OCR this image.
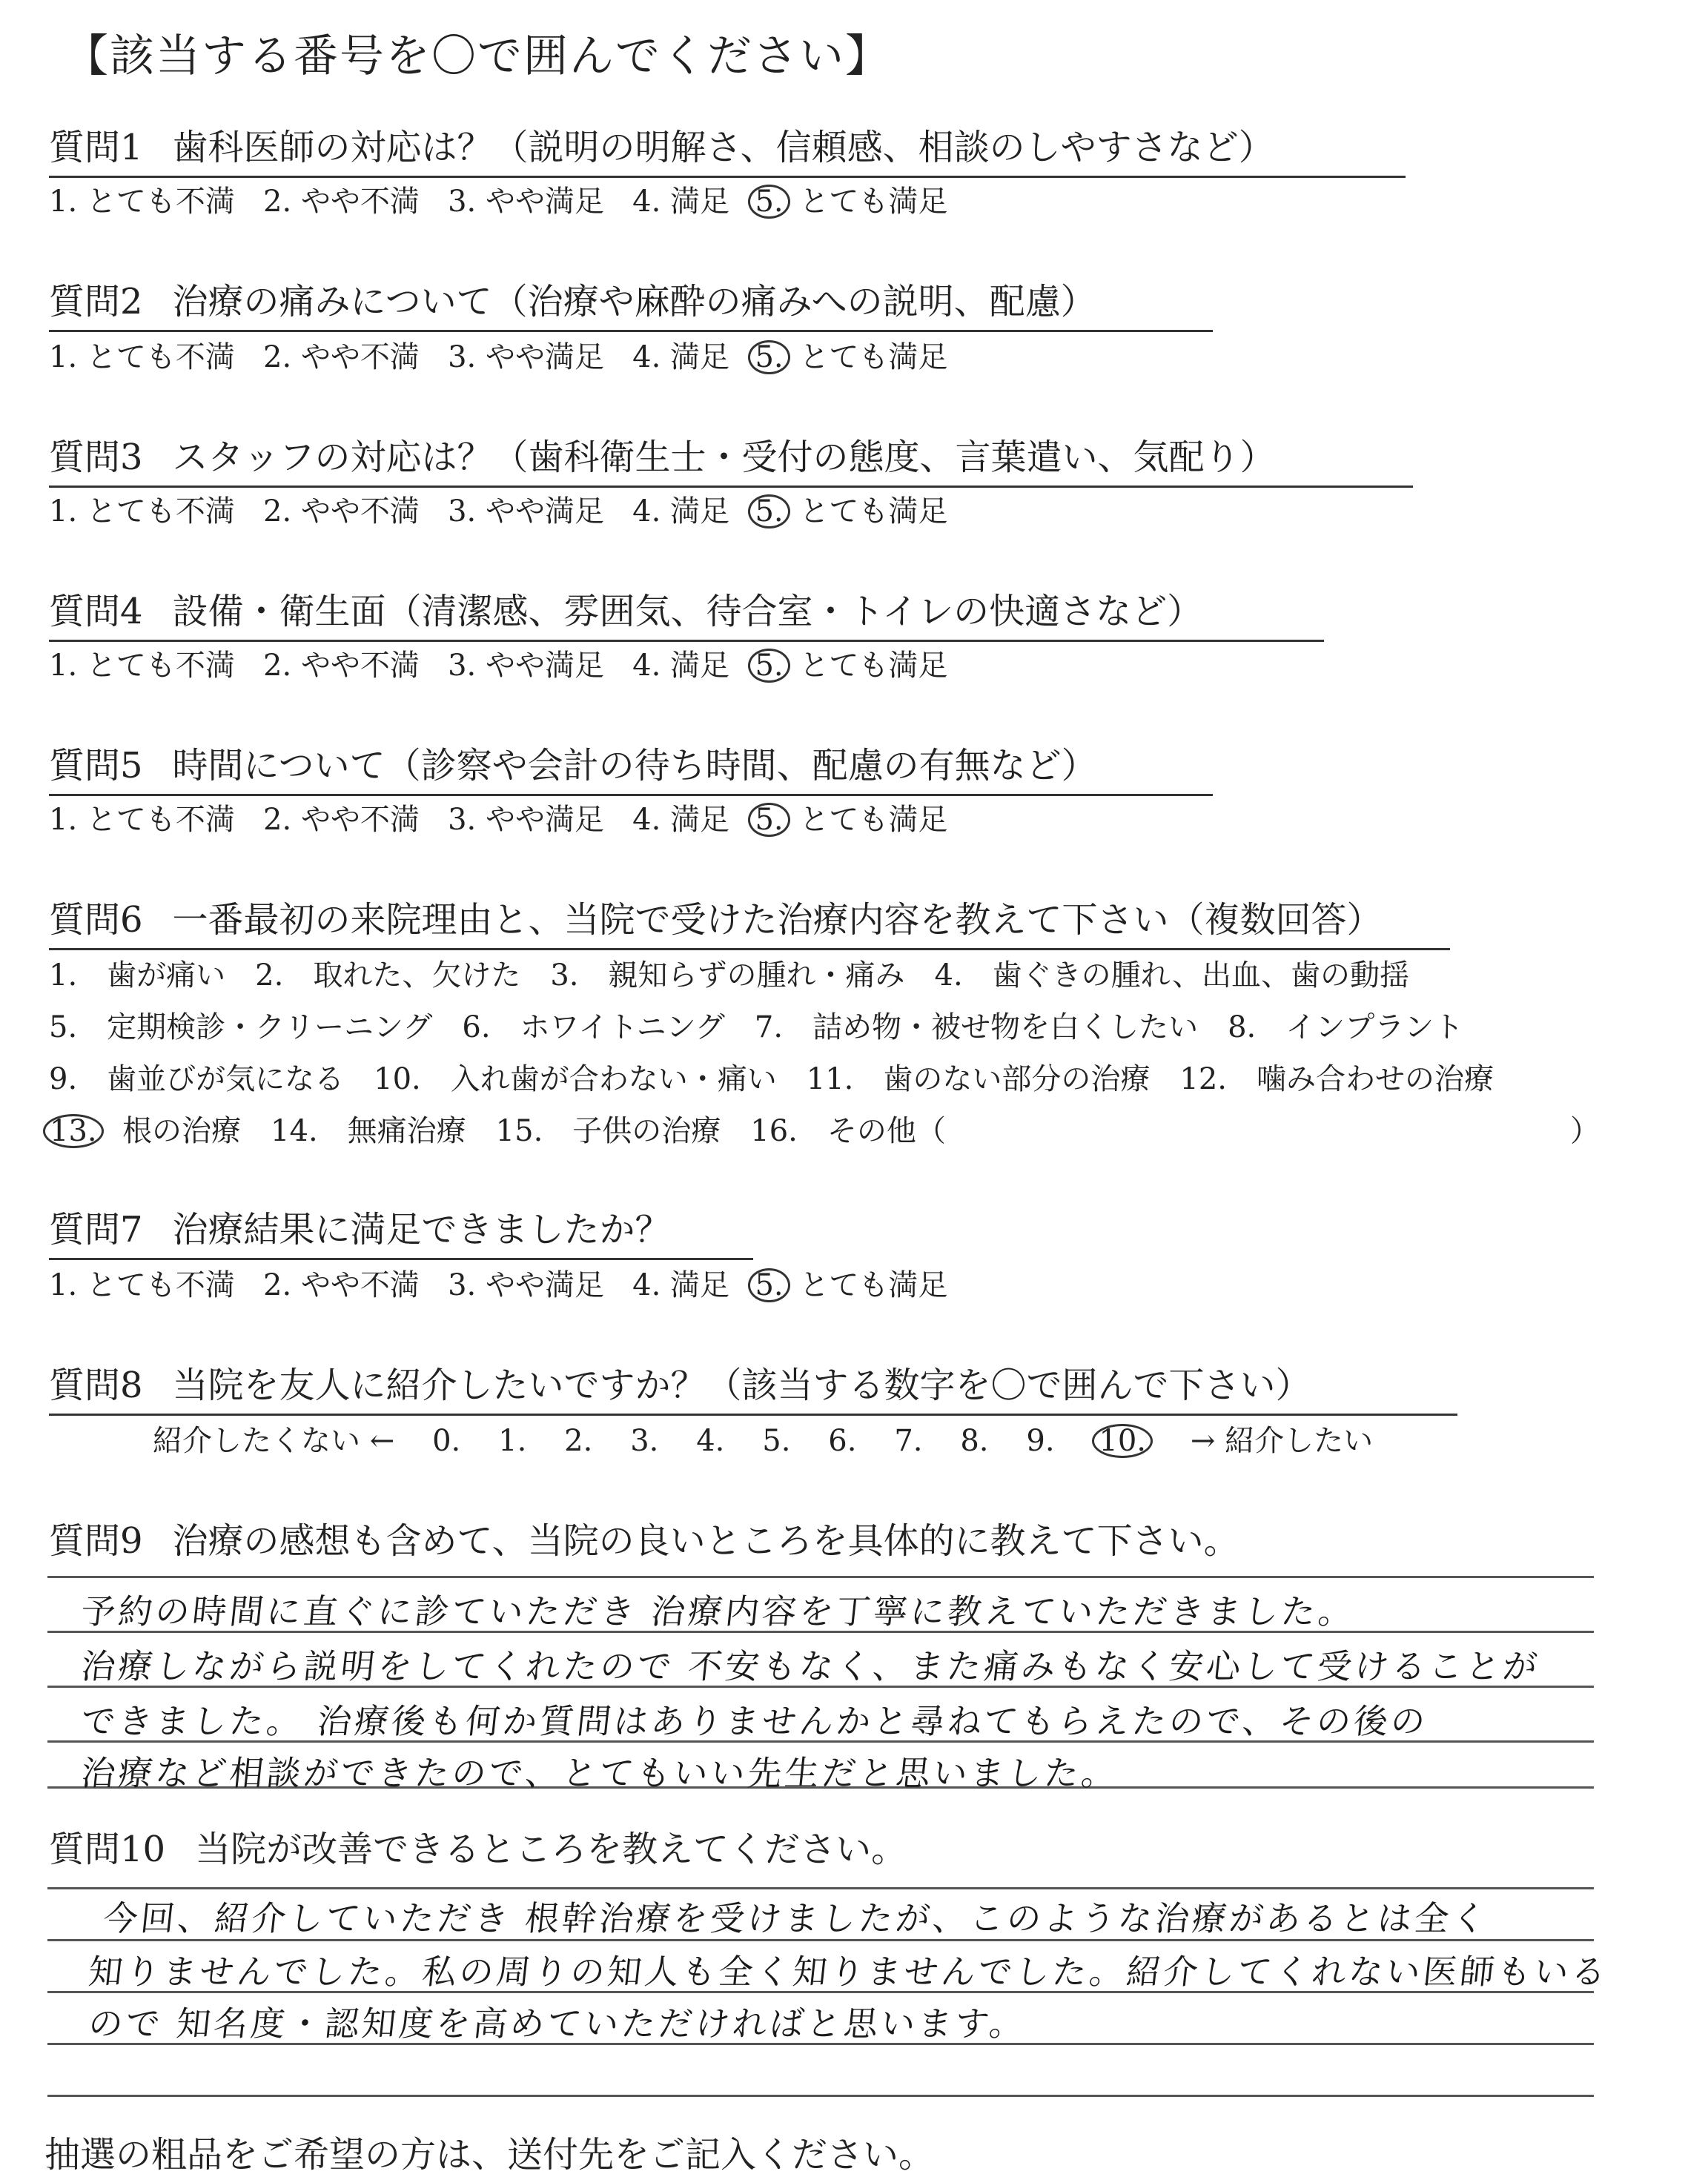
【該当する番号を〇で囲んでください】
質問1 歯科医師の対応は？（説明の明解さ、信頼感、相談のしやすさなど）
1. とても不満 2. やや不満 3. やや満足 4. 満足 5. とても満足
質問2 治療の痛みについて（治療や麻酔の痛みへの説明、配慮）
1. とても不満 2. やや不満 3. やや満足 4. 満足 5. とても満足
質問3 スタッフの対応は？（歯科衛生士・受付の態度、言葉遣い、気配り）
1. とても不満 2. やや不満 3. やや満足 4. 満足 5. とても満足
質問4 設備・衛生面（清潔感、雰囲気、待合室・トイレの快適さなど）
1. とても不満 2. やや不満 3. やや満足 4. 満足 5. とても満足
質問5 時間について（診察や会計の待ち時間、配慮の有無など）
1. とても不満 2. やや不満 3. やや満足 4. 満足 5. とても満足
質問6 一番最初の来院理由と、当院で受けた治療内容を教えて下さい（複数回答）
1.　歯が痛い　2.　取れた、欠けた　3.　親知らずの腫れ・痛み　4.　歯ぐきの腫れ、出血、歯の動揺
5.　定期検診・クリーニング　6.　ホワイトニング　7.　詰め物・被せ物を白くしたい　8.　インプラント
9.　歯並びが気になる　10.　入れ歯が合わない・痛い　11.　歯のない部分の治療　12.　噛み合わせの治療
13. 根の治療　14.　無痛治療　15.　子供の治療　16.　その他（	）
質問7 治療結果に満足できましたか？
1. とても不満 2. やや不満 3. やや満足 4. 満足 5. とても満足
質問8 当院を友人に紹介したいですか？（該当する数字を〇で囲んで下さい）
紹介したくない ← 0. 1. 2. 3. 4. 5. 6. 7. 8. 9. 10. → 紹介したい
質問9 治療の感想も含めて、当院の良いところを具体的に教えて下さい。
予約の時間に直ぐに診ていただき 治療内容を丁寧に教えていただきました。
治療しながら説明をしてくれたので 不安もなく、また痛みもなく安心して受けることが
できました。 治療後も何か質問はありませんかと尋ねてもらえたので、その後の
治療など相談ができたので、とてもいい先生だと思いました。
質問10 当院が改善できるところを教えてください。
今回、紹介していただき 根幹治療を受けましたが、このような治療があるとは全く
知りませんでした。私の周りの知人も全く知りませんでした。紹介してくれない医師もいる
ので 知名度・認知度を高めていただければと思います。
抽選の粗品をご希望の方は、送付先をご記入ください。
